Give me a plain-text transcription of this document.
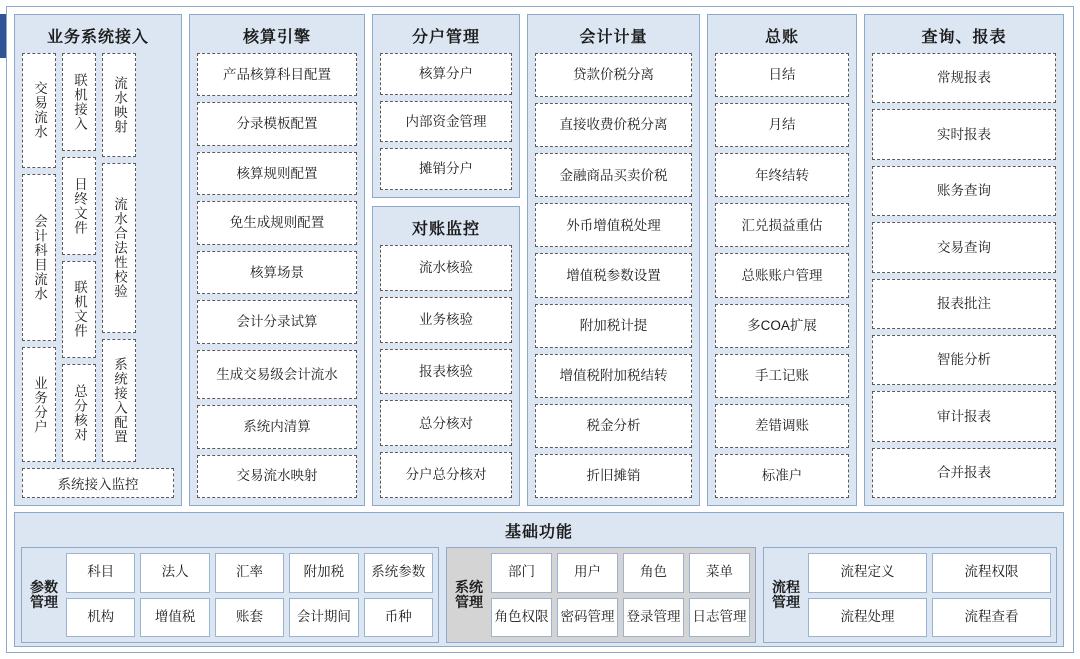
业务系统接入
交易流水
会计科目流水
业务分户
联机接入
日终文件
联机文件
总分核对
流水映射
流水合法性校验
系统接入配置
系统接入监控
核算引擎
产品核算科目配置
分录模板配置
核算规则配置
免生成规则配置
核算场景
会计分录试算
生成交易级会计流水
系统内清算
交易流水映射
分户管理
核算分户
内部资金管理
摊销分户
对账监控
流水核验
业务核验
报表核验
总分核对
分户总分核对
会计计量
贷款价税分离
直接收费价税分离
金融商品买卖价税
外币增值税处理
增值税参数设置
附加税计提
增值税附加税结转
税金分析
折旧摊销
总账
日结
月结
年终结转
汇兑损益重估
总账账户管理
多COA扩展
手工记账
差错调账
标准户
查询、报表
常规报表
实时报表
账务查询
交易查询
报表批注
智能分析
审计报表
合并报表
基础功能
参数管理
科目	法人	汇率	附加税	系统参数
机构	增值税	账套	会计期间	币种
系统管理
部门	用户	角色	菜单
角色权限 密码管理 登录管理 日志管理
流程管理
流程定义	流程权限
流程处理	流程查看
